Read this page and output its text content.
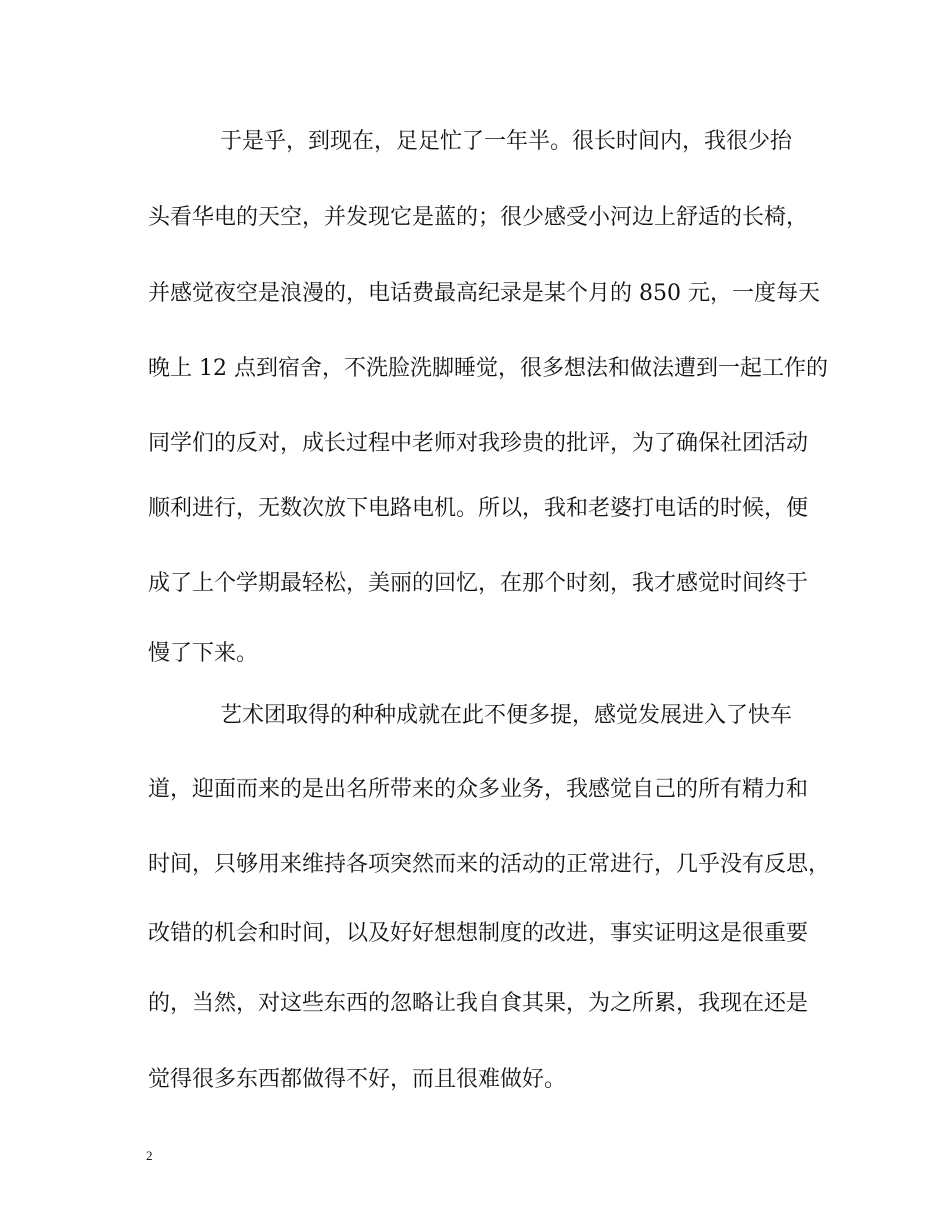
于是乎，到现在，足足忙了一年半。很长时间内，我很少抬
头看华电的天空，并发现它是蓝的；很少感受小河边上舒适的长椅，
并感觉夜空是浪漫的，电话费最高纪录是某个月的 850 元，一度每天
晚上 12 点到宿舍，不洗脸洗脚睡觉，很多想法和做法遭到一起工作的
同学们的反对，成长过程中老师对我珍贵的批评，为了确保社团活动
顺利进行，无数次放下电路电机。所以，我和老婆打电话的时候，便
成了上个学期最轻松，美丽的回忆，在那个时刻，我才感觉时间终于
慢了下来。
艺术团取得的种种成就在此不便多提，感觉发展进入了快车
道，迎面而来的是出名所带来的众多业务，我感觉自己的所有精力和
时间，只够用来维持各项突然而来的活动的正常进行，几乎没有反思，
改错的机会和时间，以及好好想想制度的改进，事实证明这是很重要
的，当然，对这些东西的忽略让我自食其果，为之所累，我现在还是
觉得很多东西都做得不好，而且很难做好。
2
